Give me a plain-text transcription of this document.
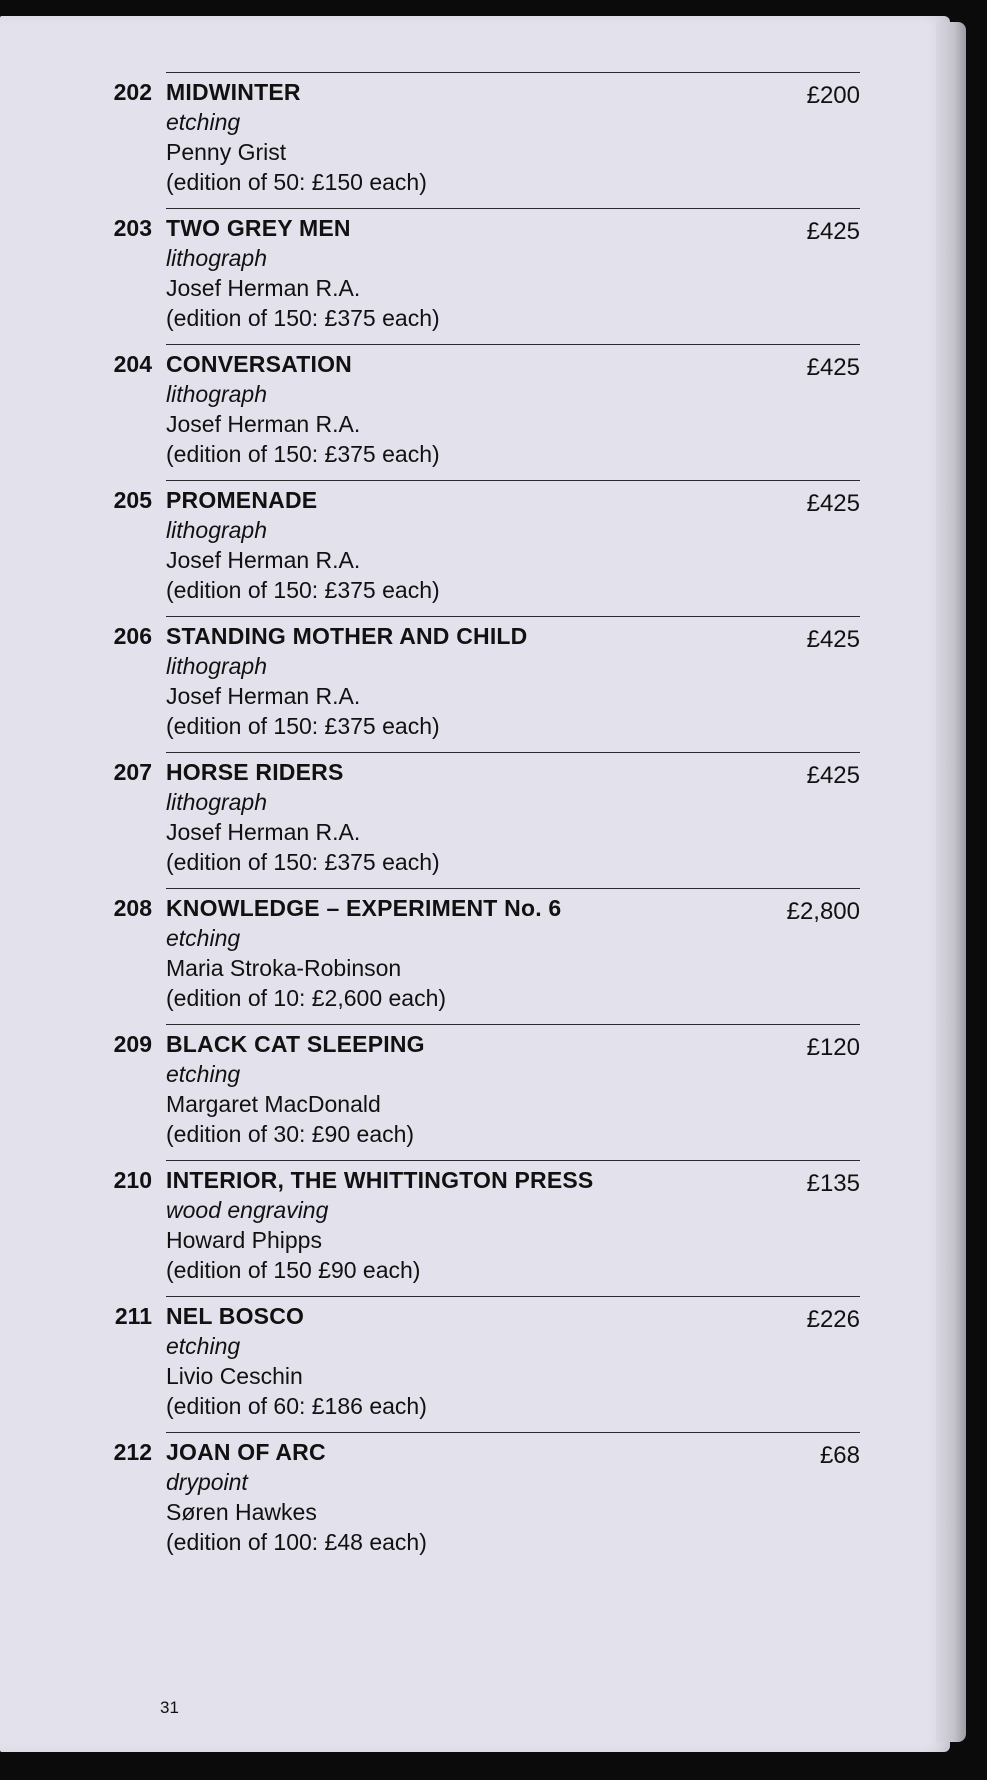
202 MIDWINTER
etching
Penny Grist
(edition of 50: £150 each)
£200
203 TWO GREY MEN
lithograph
Josef Herman R.A.
(edition of 150: £375 each)
£425
204 CONVERSATION
lithograph
Josef Herman R.A.
(edition of 150: £375 each)
£425
205 PROMENADE
lithograph
Josef Herman R.A.
(edition of 150: £375 each)
£425
206 STANDING MOTHER AND CHILD
lithograph
Josef Herman R.A.
(edition of 150: £375 each)
£425
207 HORSE RIDERS
lithograph
Josef Herman R.A.
(edition of 150: £375 each)
£425
208 KNOWLEDGE – EXPERIMENT No. 6
etching
Maria Stroka-Robinson
(edition of 10: £2,600 each)
£2,800
209 BLACK CAT SLEEPING
etching
Margaret MacDonald
(edition of 30: £90 each)
£120
210 INTERIOR, THE WHITTINGTON PRESS
wood engraving
Howard Phipps
(edition of 150 £90 each)
£135
211 NEL BOSCO
etching
Livio Ceschin
(edition of 60: £186 each)
£226
212 JOAN OF ARC
drypoint
Søren Hawkes
(edition of 100: £48 each)
£68
31
